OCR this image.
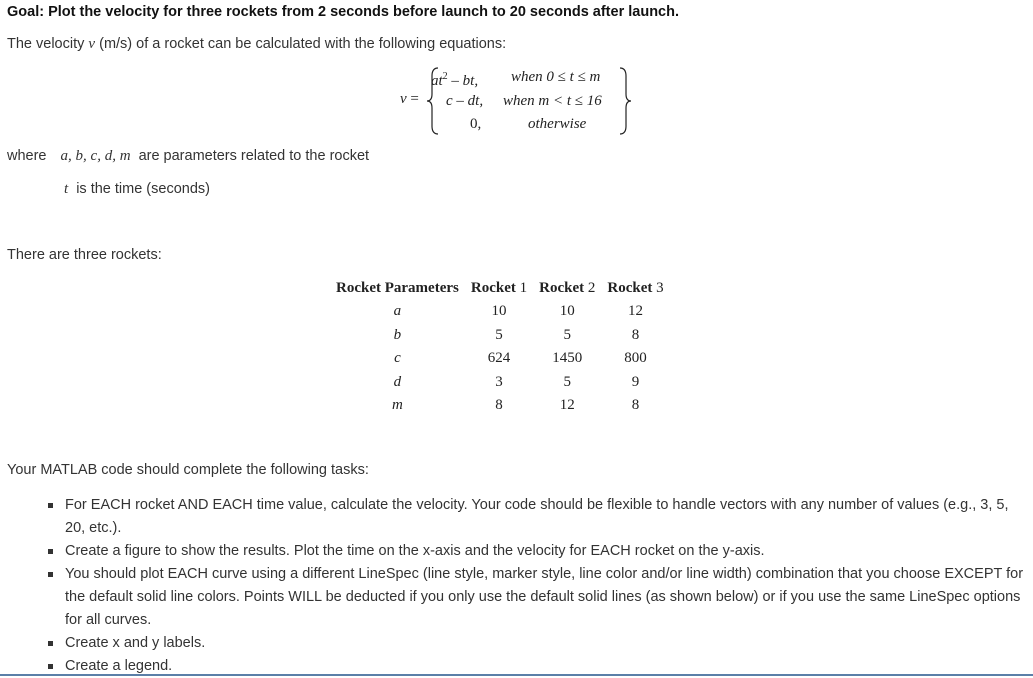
Goal: Plot the velocity for three rockets from 2 seconds before launch to 20 seconds after launch.
The velocity v (m/s) of a rocket can be calculated with the following equations:
v =
$at^2$ – bt, when 0 ≤ t ≤ m
c – dt, when m < t ≤ 16
0,	otherwise
where a, b, c, d, m are parameters related to the rocket
t is the time (seconds)
There are three rockets:
Rocket Parameters	Rocket 1	Rocket 2	Rocket 3
a	10	10	12
b	5	5	8
c	624	1450	800
d	3	5	9
m	8	12	8
Your MATLAB code should complete the following tasks:
For EACH rocket AND EACH time value, calculate the velocity. Your code should be flexible to handle vectors with any number of values (e.g., 3, 5, 20, etc.).
Create a figure to show the results. Plot the time on the x-axis and the velocity for EACH rocket on the y-axis.
You should plot EACH curve using a different LineSpec (line style, marker style, line color and/or line width) combination that you choose EXCEPT for the default solid line colors. Points WILL be deducted if you only use the default solid lines (as shown below) or if you use the same LineSpec options for all curves.
Create x and y labels.
Create a legend.
